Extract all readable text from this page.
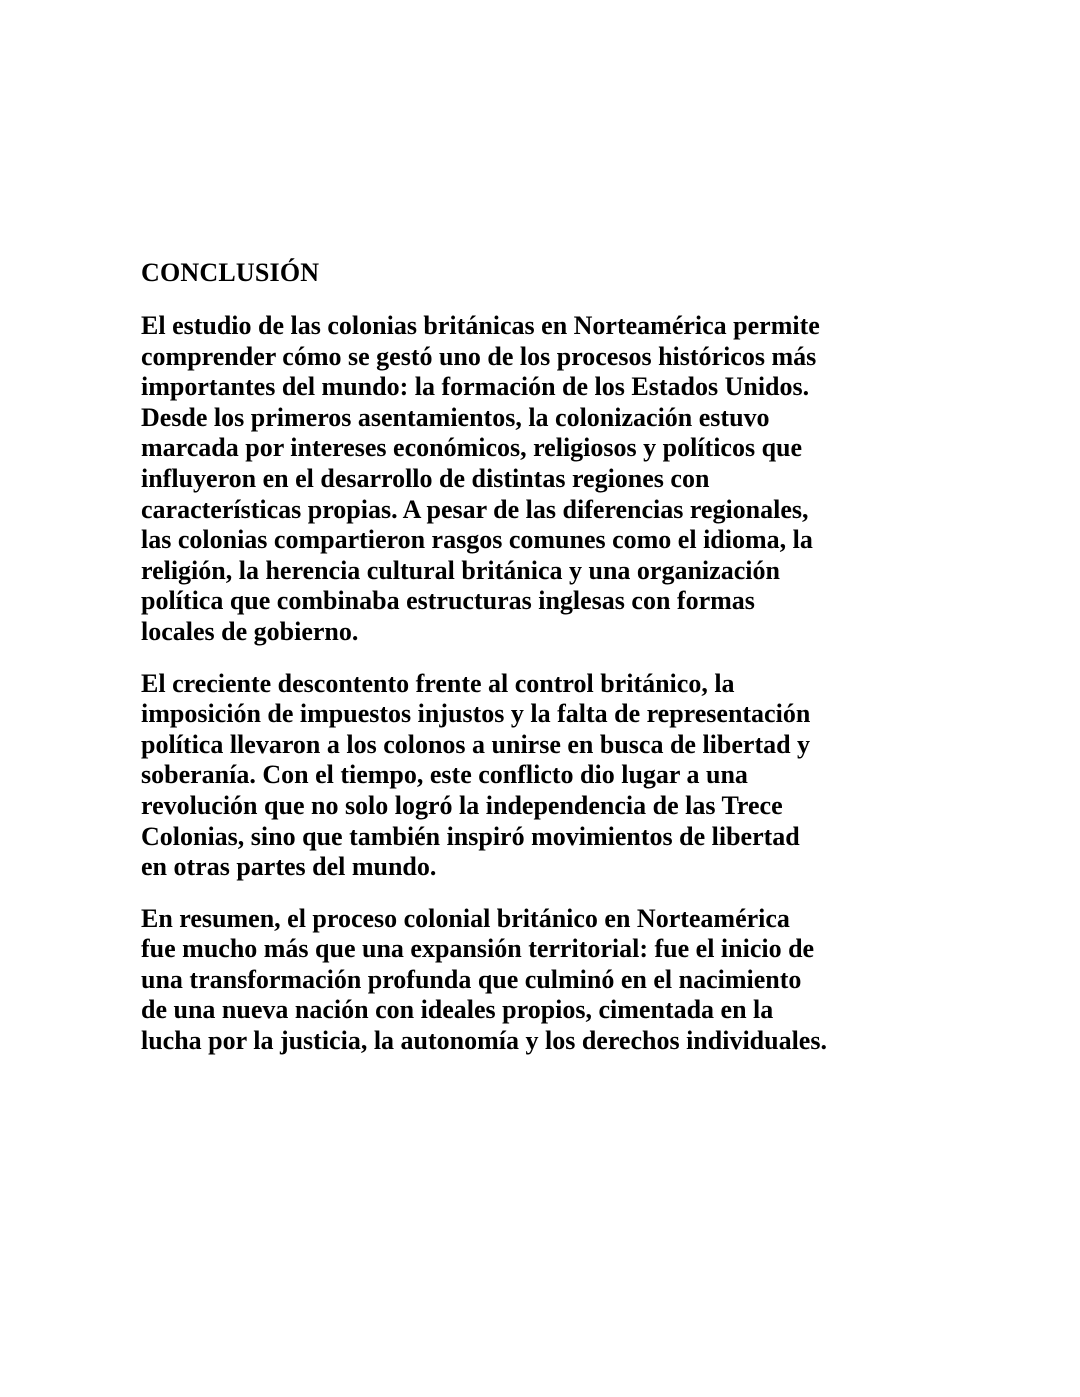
CONCLUSIÓN
El estudio de las colonias británicas en Norteamérica permite
comprender cómo se gestó uno de los procesos históricos más
importantes del mundo: la formación de los Estados Unidos.
Desde los primeros asentamientos, la colonización estuvo
marcada por intereses económicos, religiosos y políticos que
influyeron en el desarrollo de distintas regiones con
características propias. A pesar de las diferencias regionales,
las colonias compartieron rasgos comunes como el idioma, la
religión, la herencia cultural británica y una organización
política que combinaba estructuras inglesas con formas
locales de gobierno.
El creciente descontento frente al control británico, la
imposición de impuestos injustos y la falta de representación
política llevaron a los colonos a unirse en busca de libertad y
soberanía. Con el tiempo, este conflicto dio lugar a una
revolución que no solo logró la independencia de las Trece
Colonias, sino que también inspiró movimientos de libertad
en otras partes del mundo.
En resumen, el proceso colonial británico en Norteamérica
fue mucho más que una expansión territorial: fue el inicio de
una transformación profunda que culminó en el nacimiento
de una nueva nación con ideales propios, cimentada en la
lucha por la justicia, la autonomía y los derechos individuales.
